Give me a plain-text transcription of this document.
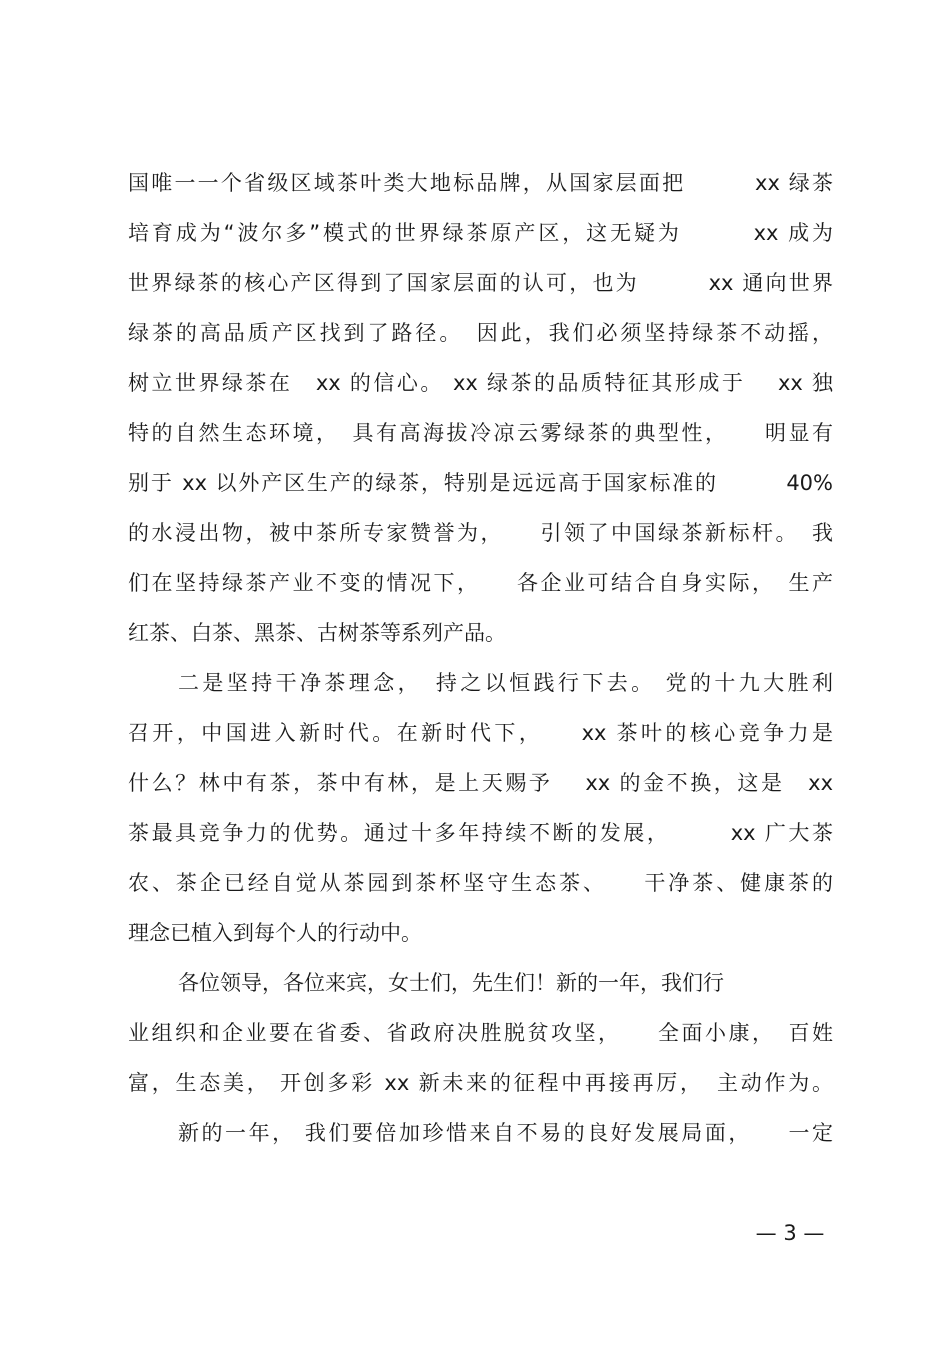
国唯一一个省级区域茶叶类大地标品牌，从国家层面把　　　xx 绿茶
培育成为“波尔多”模式的世界绿茶原产区，这无疑为　　　xx 成为
世界绿茶的核心产区得到了国家层面的认可，也为　　　xx 通向世界
绿茶的高品质产区找到了路径。　因此，我们必须坚持绿茶不动摇，
树立世界绿茶在　xx 的信心。 xx 绿茶的品质特征其形成于　 xx 独
特的自然生态环境，　具有高海拔冷凉云雾绿茶的典型性，　　明显有
别于 xx 以外产区生产的绿茶，特别是远远高于国家标准的　　　40%
的水浸出物，被中茶所专家赞誉为，　　引领了中国绿茶新标杆。　我
们在坚持绿茶产业不变的情况下，　　各企业可结合自身实际，　生产
红茶、白茶、黑茶、古树茶等系列产品。
二是坚持干净茶理念，　持之以恒践行下去。 党的十九大胜利
召开，中国进入新时代。在新时代下，　　xx 茶叶的核心竞争力是
什么？林中有茶，茶中有林，是上天赐予　 xx 的金不换，这是　xx
茶最具竞争力的优势。通过十多年持续不断的发展，　　　xx 广大茶
农、茶企已经自觉从茶园到茶杯坚守生态茶、　　干净茶、健康茶的
理念已植入到每个人的行动中。
各位领导，各位来宾，女士们，先生们！新的一年，我们行
业组织和企业要在省委、省政府决胜脱贫攻坚，　　全面小康，　百姓
富，生态美， 开创多彩 xx 新未来的征程中再接再厉，　主动作为。
新的一年， 我们要倍加珍惜来自不易的良好发展局面，　　一定
— 3 —
